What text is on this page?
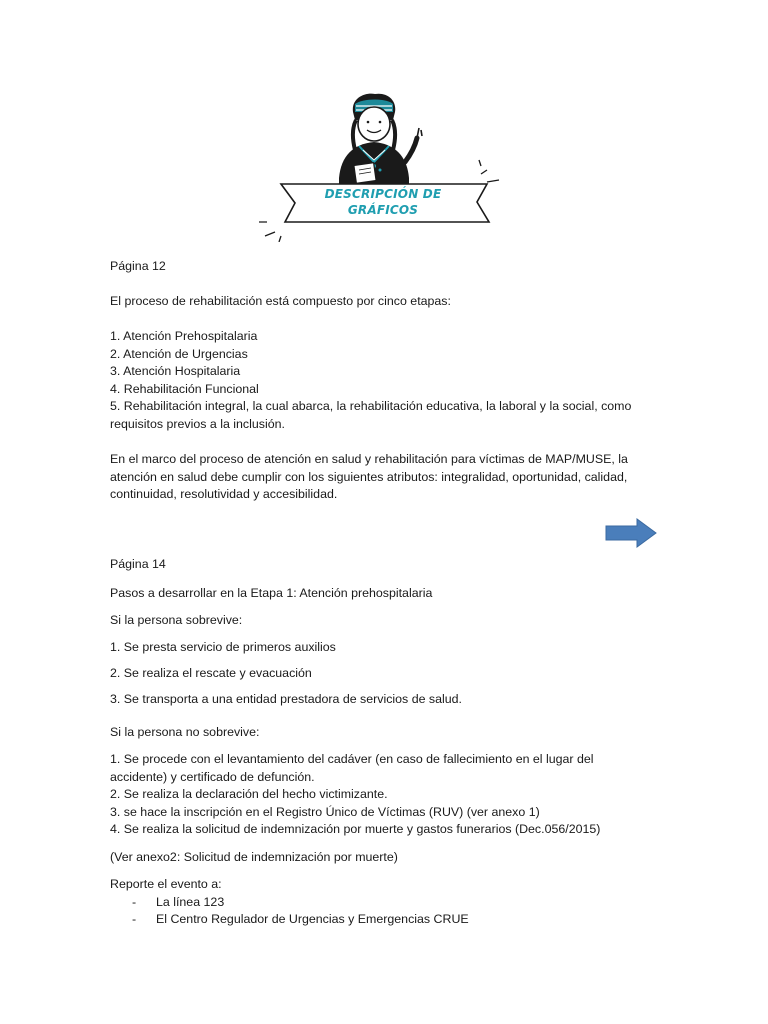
DESCRIPCIÓN DE
GRÁFICOS
Página 12
El proceso de rehabilitación está compuesto por cinco etapas:
1. Atención Prehospitalaria
2. Atención de Urgencias
3. Atención Hospitalaria
4. Rehabilitación Funcional
5. Rehabilitación integral, la cual abarca, la rehabilitación educativa, la laboral y la social, como
requisitos previos a la inclusión.
En el marco del proceso de atención en salud y rehabilitación para víctimas de MAP/MUSE, la
atención en salud debe cumplir con los siguientes atributos: integralidad, oportunidad, calidad,
continuidad, resolutividad y accesibilidad.
Página 14
Pasos a desarrollar en la Etapa 1: Atención prehospitalaria
Si la persona sobrevive:
1. Se presta servicio de primeros auxilios
2. Se realiza el rescate y evacuación
3. Se transporta a una entidad prestadora de servicios de salud.
Si la persona no sobrevive:
1. Se procede con el levantamiento del cadáver (en caso de fallecimiento en el lugar del
accidente) y certificado de defunción.
2. Se realiza la declaración del hecho victimizante.
3. se hace la inscripción en el Registro Único de Víctimas (RUV) (ver anexo 1)
4. Se realiza la solicitud de indemnización por muerte y gastos funerarios (Dec.056/2015)
(Ver anexo2: Solicitud de indemnización por muerte)
Reporte el evento a:
- La línea 123
- El Centro Regulador de Urgencias y Emergencias CRUE
